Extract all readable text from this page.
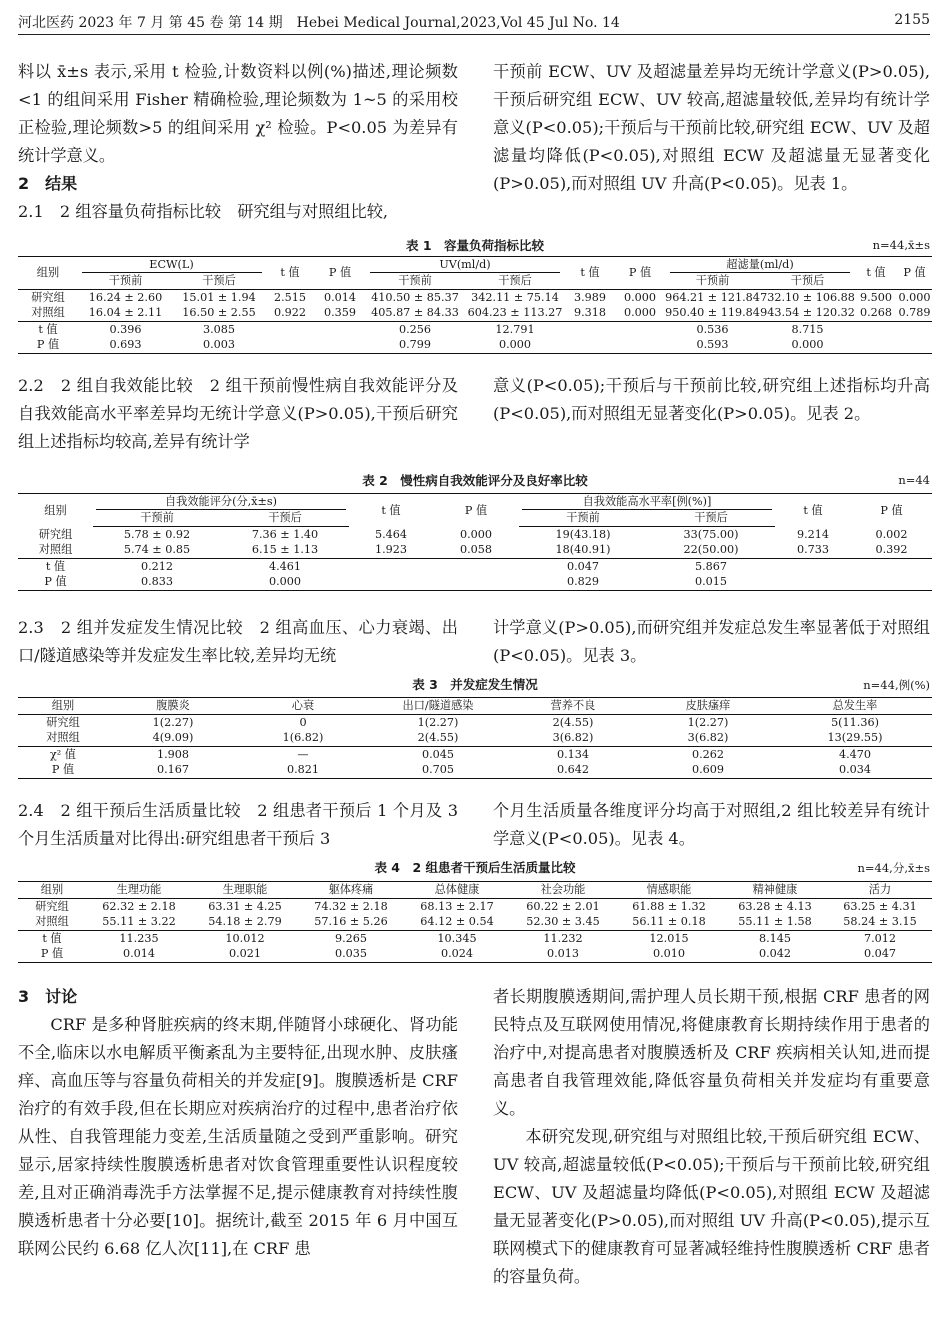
河北医药 2023 年 7 月 第 45 卷 第 14 期　Hebei Medical Journal,2023,Vol 45 Jul No. 14	2155

料以 x̄±s 表示,采用 t 检验,计数资料以例(%)描述,理论频数<1 的组间采用 Fisher 精确检验,理论频数为 1~5 的采用校正检验,理论频数>5 的组间采用 χ² 检验。P<0.05 为差异有统计学意义。

2　结果

2.1　2 组容量负荷指标比较　研究组与对照组比较,

干预前 ECW、UV 及超滤量差异均无统计学意义(P>0.05),干预后研究组 ECW、UV 较高,超滤量较低,差异均有统计学意义(P<0.05);干预后与干预前比较,研究组 ECW、UV 及超滤量均降低(P<0.05),对照组 ECW 及超滤量无显著变化(P>0.05),而对照组 UV 升高(P<0.05)。见表 1。

表 1　容量负荷指标比较	n=44,x̄±s
组别	ECW(L)		t 值	P 值	UV(ml/d)		t 值	P 值	超滤量(ml/d)		t 值	P 值
	干预前	干预后			干预前	干预后			干预前	干预后		
研究组	16.24 ± 2.60	15.01 ± 1.94	2.515	0.014	410.50 ± 85.37	342.11 ± 75.14	3.989	0.000	964.21 ± 121.84	732.10 ± 106.88	9.500	0.000
对照组	16.04 ± 2.11	16.50 ± 2.55	0.922	0.359	405.87 ± 84.33	604.23 ± 113.27	9.318	0.000	950.40 ± 119.84	943.54 ± 120.32	0.268	0.789
t 值	0.396	3.085			0.256	12.791			0.536	8.715		
P 值	0.693	0.003			0.799	0.000			0.593	0.000		

2.2　2 组自我效能比较　2 组干预前慢性病自我效能评分及自我效能高水平率差异均无统计学意义(P>0.05),干预后研究组上述指标均较高,差异有统计学

意义(P<0.05);干预后与干预前比较,研究组上述指标均升高(P<0.05),而对照组无显著变化(P>0.05)。见表 2。

表 2　慢性病自我效能评分及良好率比较	n=44
组别	自我效能评分(分,x̄±s)		t 值	P 值	自我效能高水平率[例(%)]		t 值	P 值
	干预前	干预后			干预前	干预后		
研究组	5.78 ± 0.92	7.36 ± 1.40	5.464	0.000	19(43.18)	33(75.00)	9.214	0.002
对照组	5.74 ± 0.85	6.15 ± 1.13	1.923	0.058	18(40.91)	22(50.00)	0.733	0.392
t 值	0.212	4.461			0.047	5.867		
P 值	0.833	0.000			0.829	0.015		

2.3　2 组并发症发生情况比较　2 组高血压、心力衰竭、出口/隧道感染等并发症发生率比较,差异均无统

计学意义(P>0.05),而研究组并发症总发生率显著低于对照组(P<0.05)。见表 3。

表 3　并发症发生情况	n=44,例(%)
组别	腹膜炎	心衰	出口/隧道感染	营养不良	皮肤瘙痒	总发生率
研究组	1(2.27)	0	1(2.27)	2(4.55)	1(2.27)	5(11.36)
对照组	4(9.09)	1(6.82)	2(4.55)	3(6.82)	3(6.82)	13(29.55)
χ² 值	1.908	—	0.045	0.134	0.262	4.470
P 值	0.167	0.821	0.705	0.642	0.609	0.034

2.4　2 组干预后生活质量比较　2 组患者干预后 1 个月及 3 个月生活质量对比得出:研究组患者干预后 3

个月生活质量各维度评分均高于对照组,2 组比较差异有统计学意义(P<0.05)。见表 4。

表 4　2 组患者干预后生活质量比较	n=44,分,x̄±s
组别	生理功能	生理职能	躯体疼痛	总体健康	社会功能	情感职能	精神健康	活力
研究组	62.32 ± 2.18	63.31 ± 4.25	74.32 ± 2.18	68.13 ± 2.17	60.22 ± 2.01	61.88 ± 1.32	63.28 ± 4.13	63.25 ± 4.31
对照组	55.11 ± 3.22	54.18 ± 2.79	57.16 ± 5.26	64.12 ± 0.54	52.30 ± 3.45	56.11 ± 0.18	55.11 ± 1.58	58.24 ± 3.15
t 值	11.235	10.012	9.265	10.345	11.232	12.015	8.145	7.012
P 值	0.014	0.021	0.035	0.024	0.013	0.010	0.042	0.047

3　讨论

CRF 是多种肾脏疾病的终末期,伴随肾小球硬化、肾功能不全,临床以水电解质平衡紊乱为主要特征,出现水肿、皮肤瘙痒、高血压等与容量负荷相关的并发症[9]。腹膜透析是 CRF 治疗的有效手段,但在长期应对疾病治疗的过程中,患者治疗依从性、自我管理能力变差,生活质量随之受到严重影响。研究显示,居家持续性腹膜透析患者对饮食管理重要性认识程度较差,且对正确消毒洗手方法掌握不足,提示健康教育对持续性腹膜透析患者十分必要[10]。据统计,截至 2015 年 6 月中国互联网公民约 6.68 亿人次[11],在 CRF 患

者长期腹膜透期间,需护理人员长期干预,根据 CRF 患者的网民特点及互联网使用情况,将健康教育长期持续作用于患者的治疗中,对提高患者对腹膜透析及 CRF 疾病相关认知,进而提高患者自我管理效能,降低容量负荷相关并发症均有重要意义。

本研究发现,研究组与对照组比较,干预后研究组 ECW、UV 较高,超滤量较低(P<0.05);干预后与干预前比较,研究组 ECW、UV 及超滤量均降低(P<0.05),对照组 ECW 及超滤量无显著变化(P>0.05),而对照组 UV 升高(P<0.05),提示互联网模式下的健康教育可显著减轻维持性腹膜透析 CRF 患者的容量负荷。
